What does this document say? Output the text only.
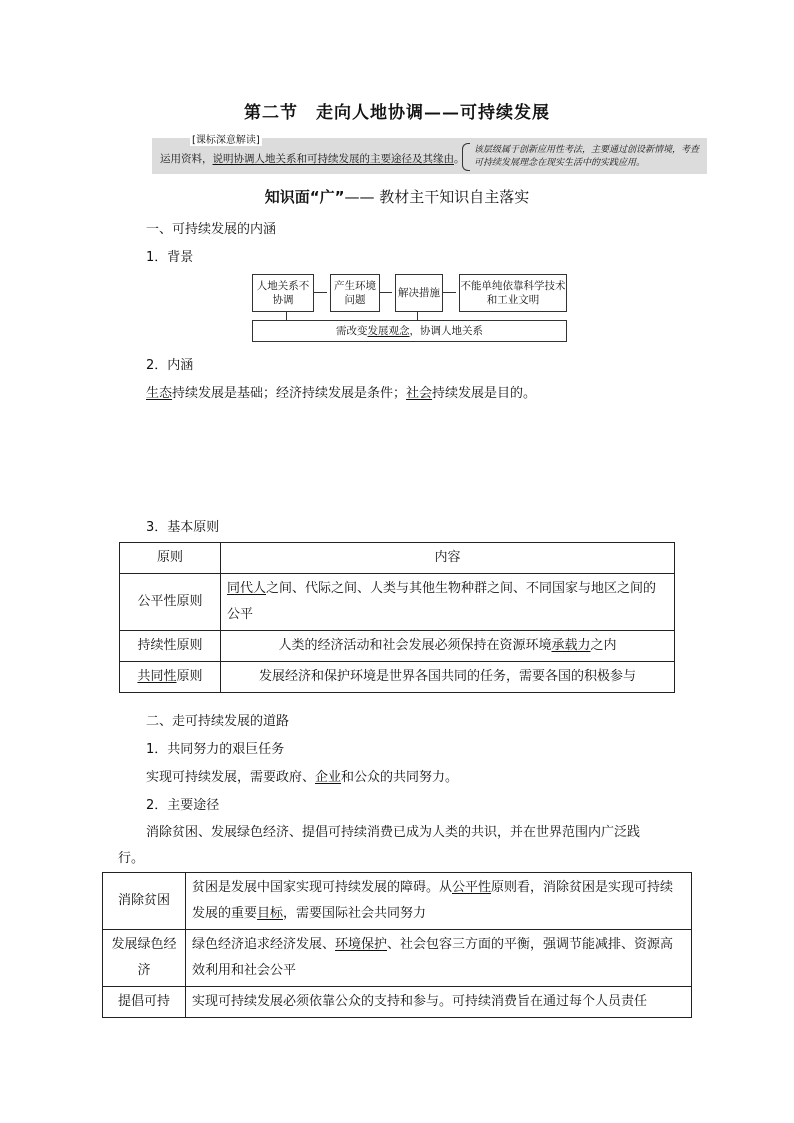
第二节　走向人地协调——可持续发展
[课标深意解读]
运用资料，说明协调人地关系和可持续发展的主要途径及其缘由。
该层级属于创新应用性考法，主要通过创设新情境，考查可持续发展理念在现实生活中的实践应用。
知识面“广”—— 教材主干知识自主落实
一、可持续发展的内涵
1．背景
人地关系不协调
产生环境问题
解决措施
不能单纯依靠科学技术和工业文明
需改变 发展观念 ，协调人地关系
2．内涵
生态持续发展是基础；经济持续发展是条件；社会持续发展是目的。
3．基本原则
原则	内容
公平性原则	同代人之间、代际之间、人类与其他生物种群之间、不同国家与地区之间的公平
持续性原则	人类的经济活动和社会发展必须保持在资源环境承载力之内
共同性原则	发展经济和保护环境是世界各国共同的任务，需要各国的积极参与
二、走可持续发展的道路
1．共同努力的艰巨任务
实现可持续发展，需要政府、企业和公众的共同努力。
2．主要途径
消除贫困、发展绿色经济、提倡可持续消费已成为人类的共识，并在世界范围内广泛践行。
消除贫困	贫困是发展中国家实现可持续发展的障碍。从公平性原则看，消除贫困是实现可持续发展的重要目标，需要国际社会共同努力
发展绿色经济	绿色经济追求经济发展、环境保护、社会包容三方面的平衡，强调节能减排、资源高效利用和社会公平
提倡可持	实现可持续发展必须依靠公众的支持和参与。可持续消费旨在通过每个人员责任
